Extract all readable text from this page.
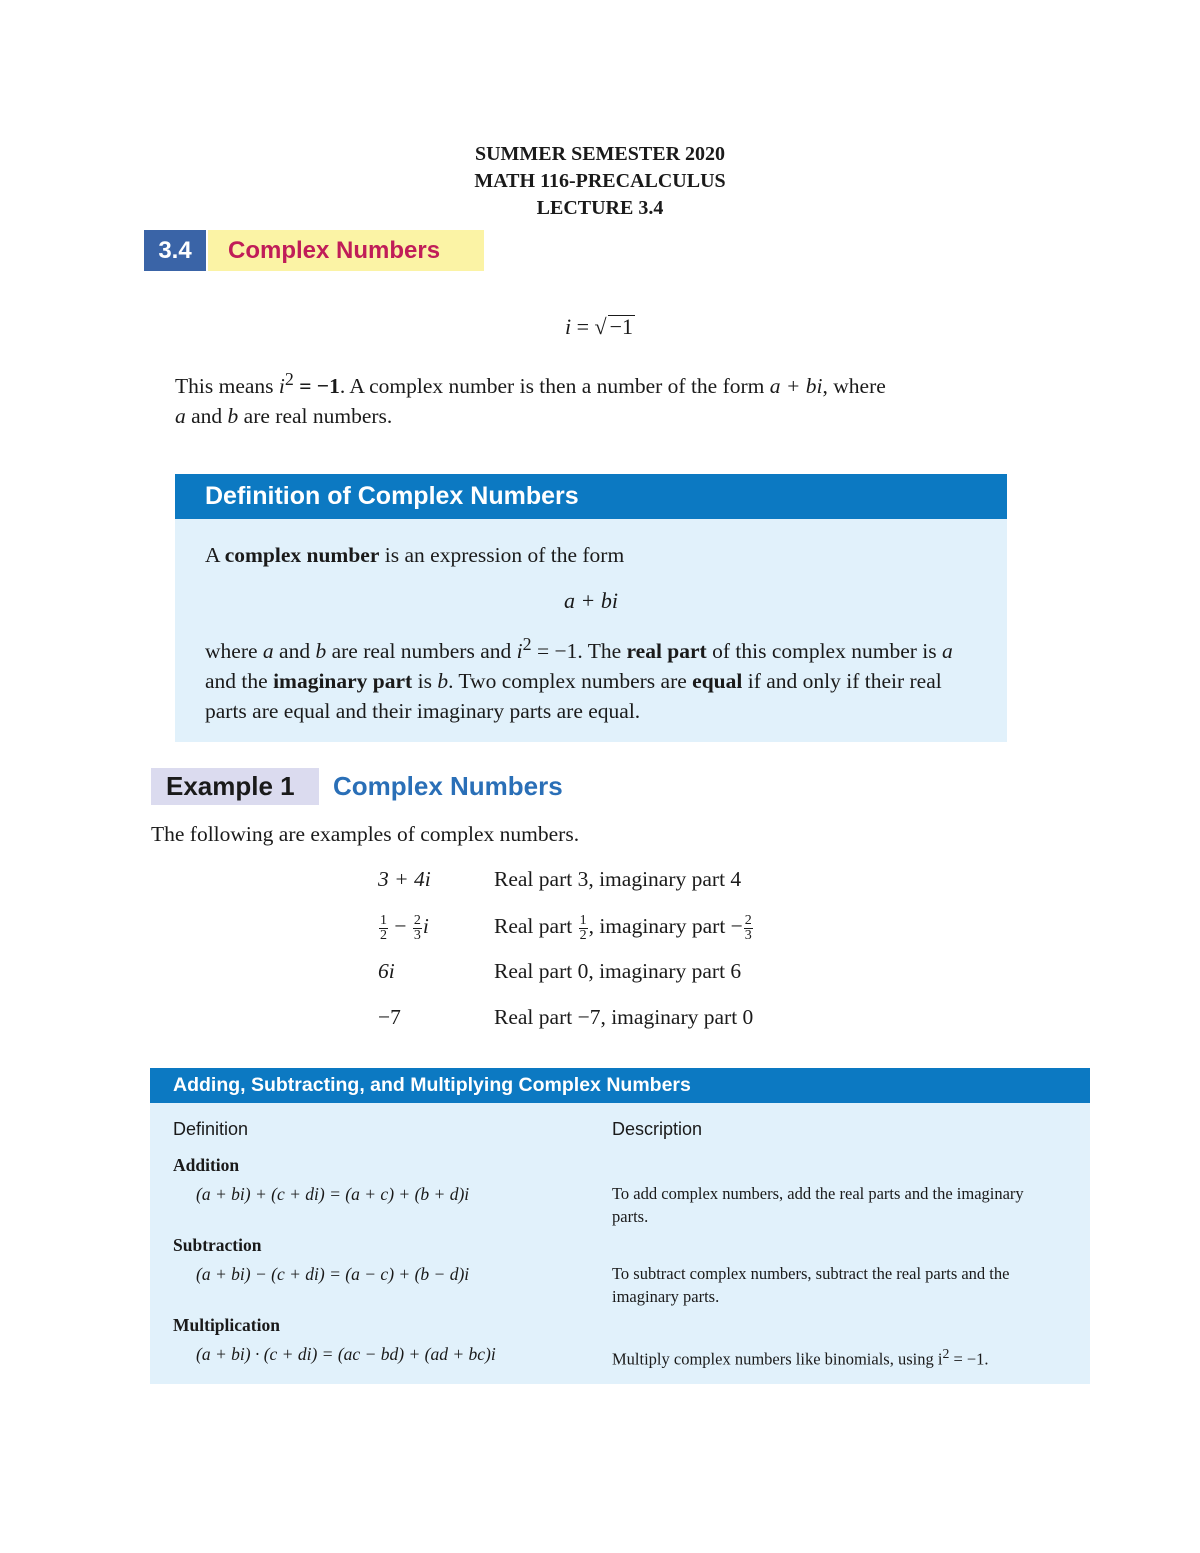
SUMMER SEMESTER 2020
MATH 116-PRECALCULUS
LECTURE 3.4
3.4	Complex Numbers
i = √ −1
This means $i^2 = -1$. A complex number is then a number of the form a + bi, where
a and b are real numbers.
Definition of Complex Numbers
A complex number is an expression of the form
a + bi
where a and b are real numbers and $i^2 = -1$. The real part of this complex number is a and the imaginary part is b. Two complex numbers are equal if and only if their real parts are equal and their imaginary parts are equal.
Example 1	Complex Numbers
The following are examples of complex numbers.
3 + 4i	Real part 3, imaginary part 4
$\frac{1}{2} - \frac{2}{3}$ i	Real part $\frac{1}{2}$ , imaginary part − $\frac{2}{3}$
6i	Real part 0, imaginary part 6
−7	Real part −7, imaginary part 0
Adding, Subtracting, and Multiplying Complex Numbers
Definition	Description
Addition
(a + bi) + (c + di) = (a + c) + (b + d)i	To add complex numbers, add the real parts and the imaginary parts.
Subtraction
(a + bi) − (c + di) = (a − c) + (b − d)i	To subtract complex numbers, subtract the real parts and the imaginary parts.
Multiplication
(a + bi) · (c + di) = (ac − bd) + (ad + bc)i	Multiply complex numbers like binomials, using $i^2 = -1$.
